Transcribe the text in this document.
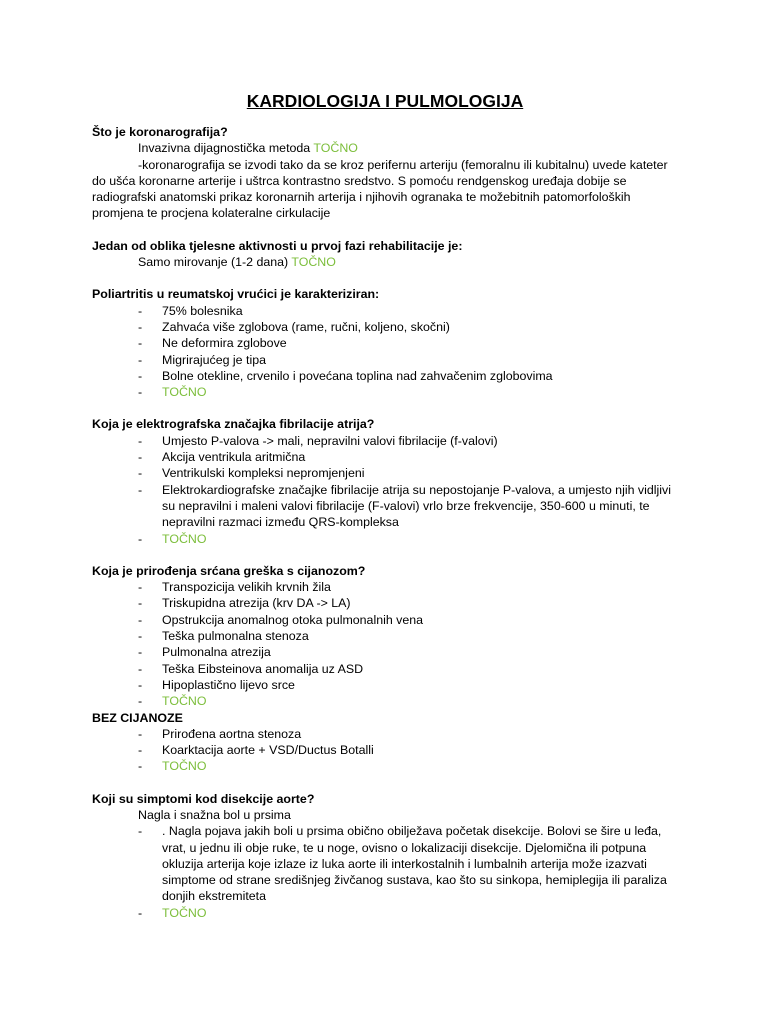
KARDIOLOGIJA I PULMOLOGIJA

Što je koronarografija?

Invazivna dijagnostička metoda TOČNO

-koronarografija se izvodi tako da se kroz perifernu arteriju (femoralnu ili kubitalnu) uvede kateter do ušća koronarne arterije i uštrca kontrastno sredstvo. S pomoću rendgenskog uređaja dobije se radiografski anatomski prikaz koronarnih arterija i njihovih ogranaka te možebitnih patomorfoloških promjena te procjena kolateralne cirkulacije

Jedan od oblika tjelesne aktivnosti u prvoj fazi rehabilitacije je:

Samo mirovanje (1-2 dana) TOČNO

Poliartritis u reumatskoj vrućici je karakteriziran:

- 75% bolesnika

- Zahvaća više zglobova (rame, ručni, koljeno, skočni)

- Ne deformira zglobove

- Migrirajućeg je tipa

- Bolne otekline, crvenilo i povećana toplina nad zahvačenim zglobovima

- TOČNO

Koja je elektrografska značajka fibrilacije atrija?

- Umjesto P-valova -> mali, nepravilni valovi fibrilacije (f-valovi)

- Akcija ventrikula aritmična

- Ventrikulski kompleksi nepromjenjeni

- Elektrokardiografske značajke fibrilacije atrija su nepostojanje P-valova, a umjesto njih vidljivi su nepravilni i maleni valovi fibrilacije (F-valovi) vrlo brze frekvencije, 350-600 u minuti, te nepravilni razmaci između QRS-kompleksa

- TOČNO

Koja je prirođenja srćana greška s cijanozom?

- Transpozicija velikih krvnih žila

- Triskupidna atrezija (krv DA -> LA)

- Opstrukcija anomalnog otoka pulmonalnih vena

- Teška pulmonalna stenoza

- Pulmonalna atrezija

- Teška Eibsteinova anomalija uz ASD

- Hipoplastično lijevo srce

- TOČNO

BEZ CIJANOZE

- Prirođena aortna stenoza

- Koarktacija aorte + VSD/Ductus Botalli

- TOČNO

Koji su simptomi kod disekcije aorte?

Nagla i snažna bol u prsima

- . Nagla pojava jakih boli u prsima obično obilježava početak disekcije. Bolovi se šire u leđa, vrat, u jednu ili obje ruke, te u noge, ovisno o lokalizaciji disekcije. Djelomična ili potpuna okluzija arterija koje izlaze iz luka aorte ili interkostalnih i lumbalnih arterija može izazvati simptome od strane središnjeg živčanog sustava, kao što su sinkopa, hemiplegija ili paraliza donjih ekstremiteta

- TOČNO
